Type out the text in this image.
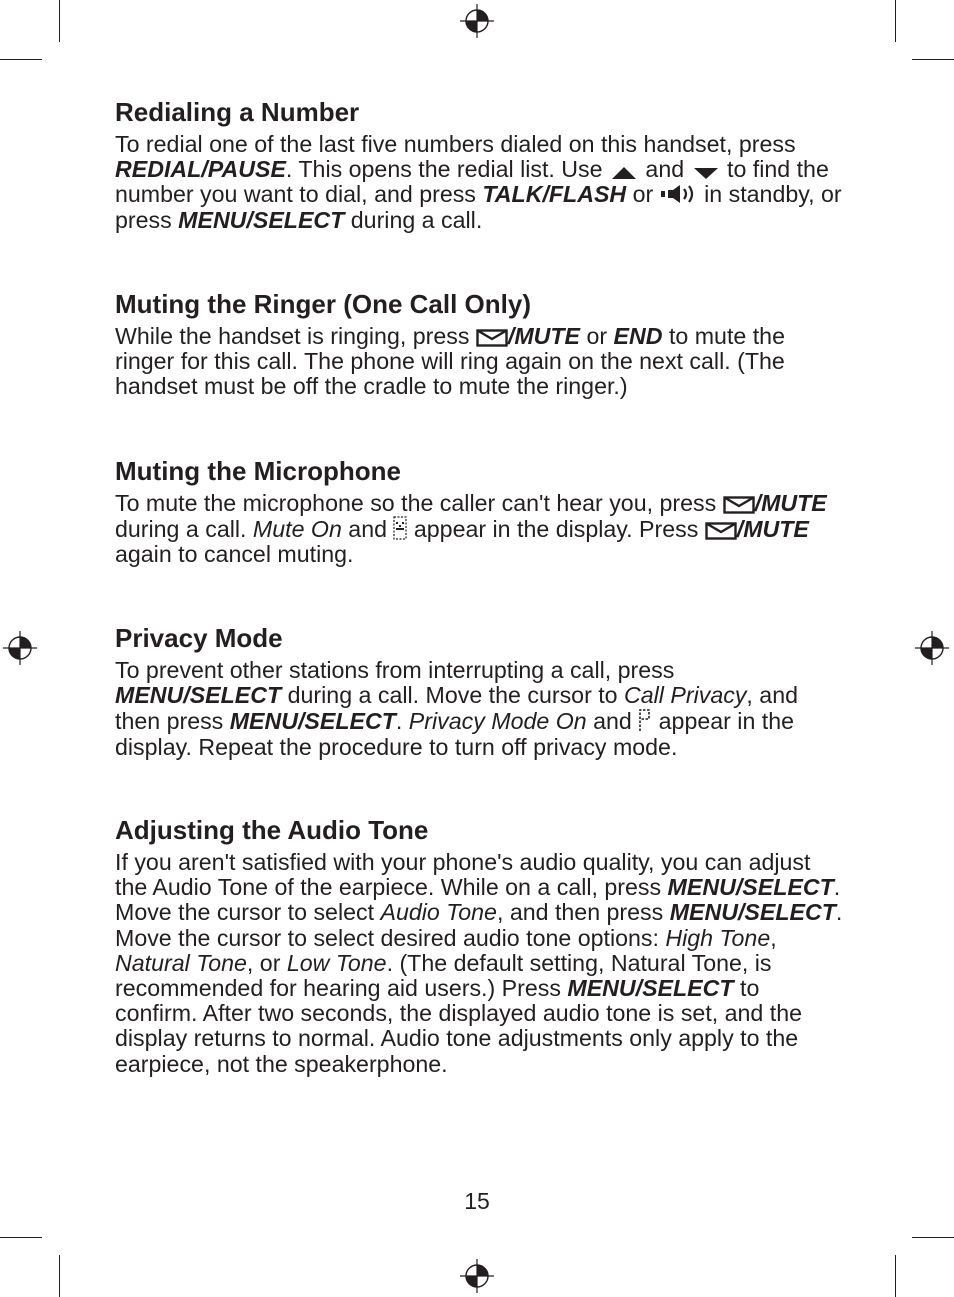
Redialing a Number

To redial one of the last five numbers dialed on this handset, press REDIAL/PAUSE. This opens the redial list. Use  and  to find the number you want to dial, and press TALK/FLASH or  in standby, or press MENU/SELECT during a call.

Muting the Ringer (One Call Only)

While the handset is ringing, press /MUTE or END to mute the ringer for this call. The phone will ring again on the next call. (The handset must be off the cradle to mute the ringer.)

Muting the Microphone

To mute the microphone so the caller can't hear you, press /MUTE during a call. Mute On and  appear in the display. Press /MUTE again to cancel muting.

Privacy Mode

To prevent other stations from interrupting a call, press MENU/SELECT during a call. Move the cursor to Call Privacy, and then press MENU/SELECT. Privacy Mode On and  appear in the display. Repeat the procedure to turn off privacy mode.

Adjusting the Audio Tone

If you aren't satisfied with your phone's audio quality, you can adjust the Audio Tone of the earpiece. While on a call, press MENU/SELECT. Move the cursor to select Audio Tone, and then press MENU/SELECT. Move the cursor to select desired audio tone options: High Tone, Natural Tone, or Low Tone. (The default setting, Natural Tone, is recommended for hearing aid users.) Press MENU/SELECT to confirm. After two seconds, the displayed audio tone is set, and the display returns to normal. Audio tone adjustments only apply to the earpiece, not the speakerphone.

15
